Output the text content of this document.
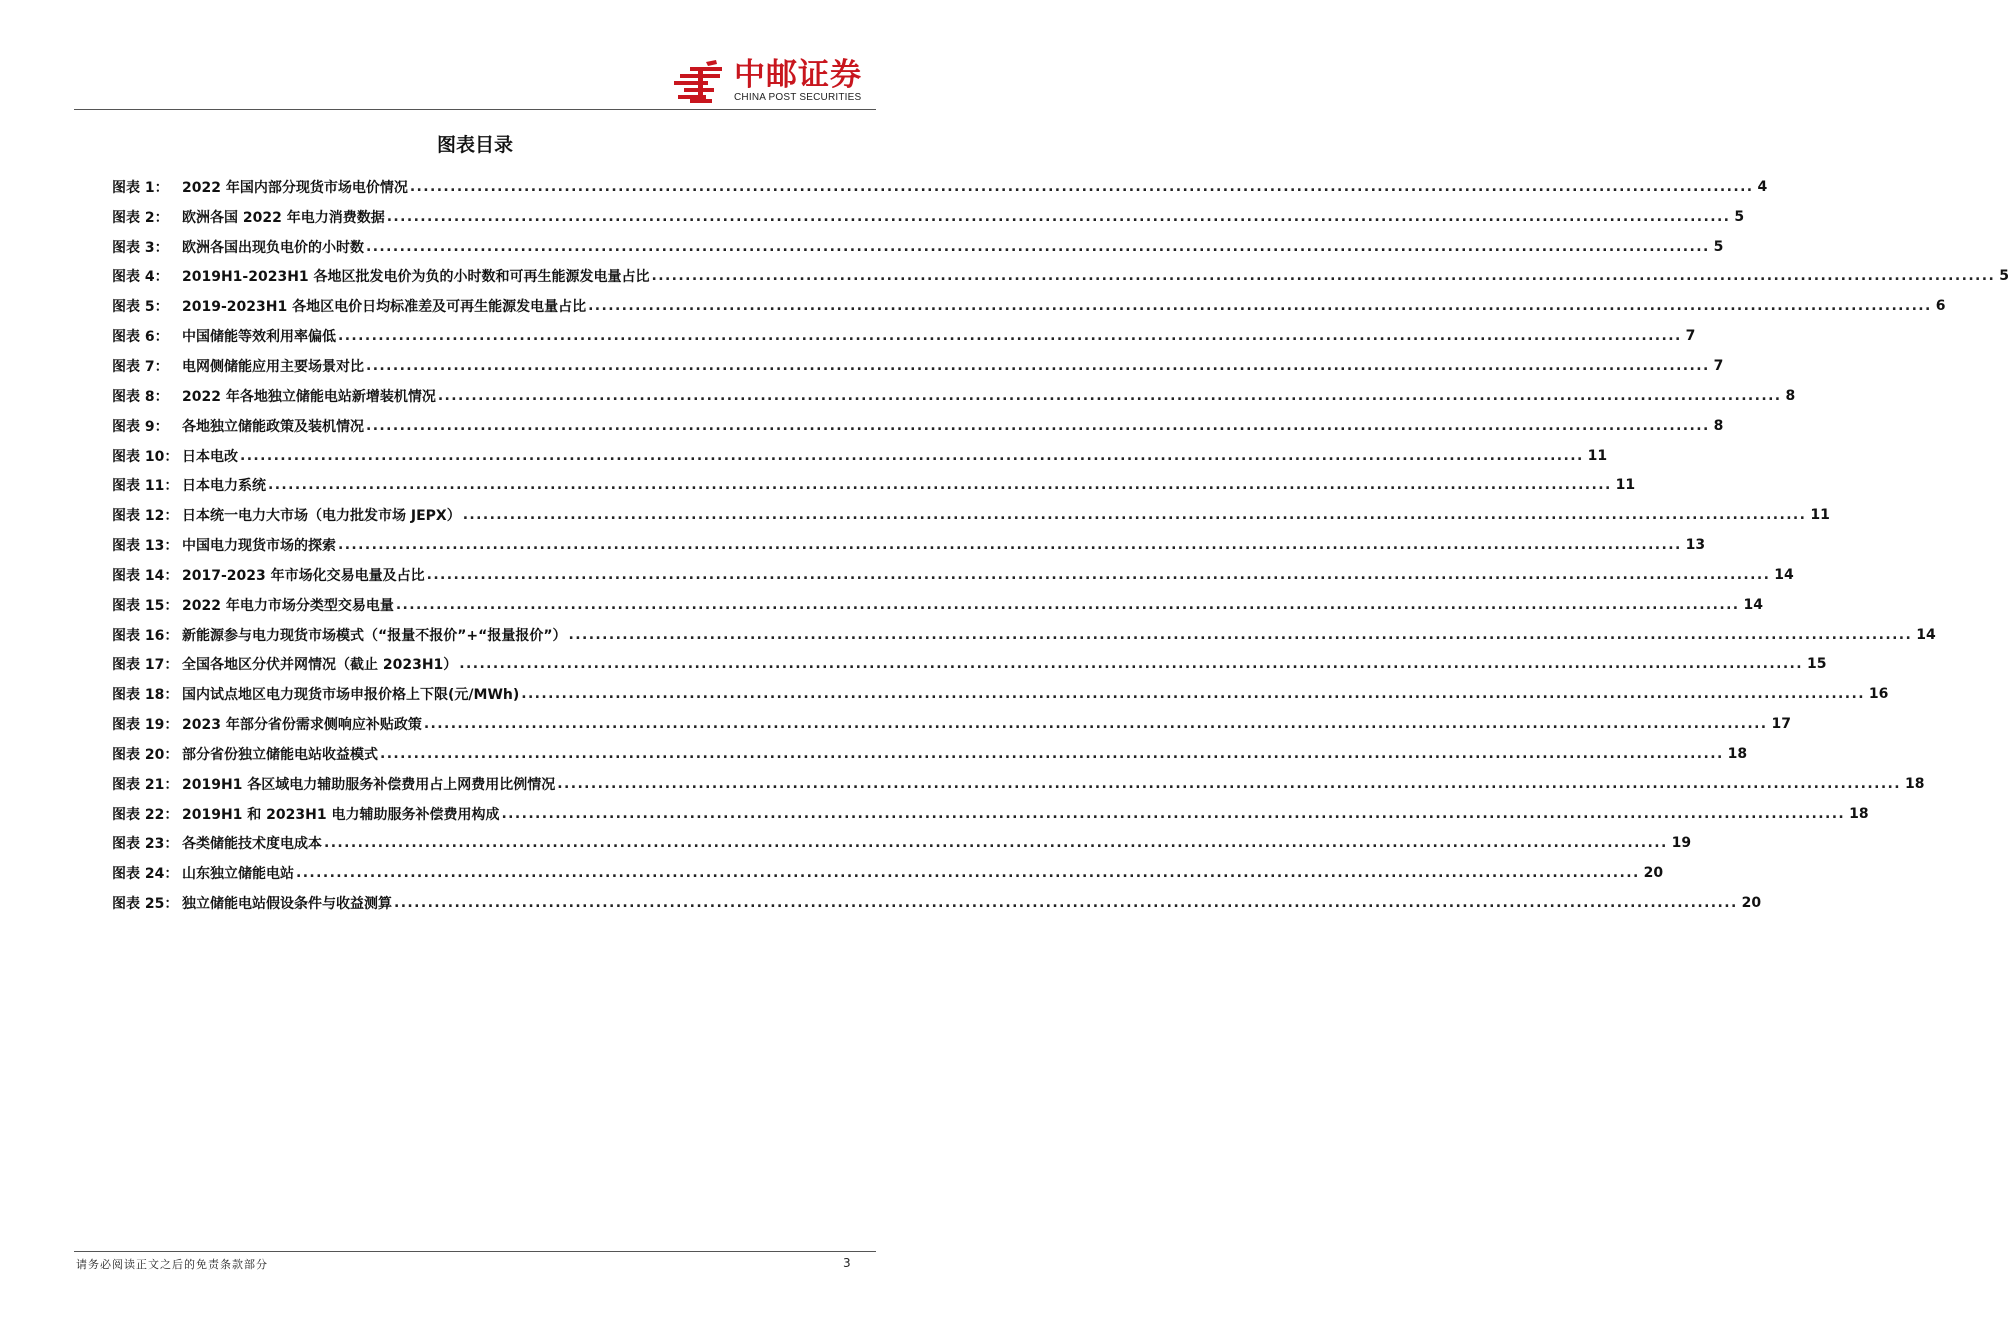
中邮证券
CHINA POST SECURITIES
图表目录
图表 1： 2022 年国内部分现货市场电价情况 ........................................................................................................................................................................................................ 4
图表 2： 欧洲各国 2022 年电力消费数据 ........................................................................................................................................................................................................ 5
图表 3： 欧洲各国出现负电价的小时数 ........................................................................................................................................................................................................ 5
图表 4： 2019H1-2023H1 各地区批发电价为负的小时数和可再生能源发电量占比 ........................................................................................................................................................................................................ 5
图表 5： 2019-2023H1 各地区电价日均标准差及可再生能源发电量占比 ........................................................................................................................................................................................................ 6
图表 6： 中国储能等效利用率偏低 ........................................................................................................................................................................................................ 7
图表 7： 电网侧储能应用主要场景对比 ........................................................................................................................................................................................................ 7
图表 8： 2022 年各地独立储能电站新增装机情况 ........................................................................................................................................................................................................ 8
图表 9： 各地独立储能政策及装机情况 ........................................................................................................................................................................................................ 8
图表 10： 日本电改 ........................................................................................................................................................................................................ 11
图表 11： 日本电力系统 ........................................................................................................................................................................................................ 11
图表 12： 日本统一电力大市场（电力批发市场 JEPX） ........................................................................................................................................................................................................ 11
图表 13： 中国电力现货市场的探索 ........................................................................................................................................................................................................ 13
图表 14： 2017-2023 年市场化交易电量及占比 ........................................................................................................................................................................................................ 14
图表 15： 2022 年电力市场分类型交易电量 ........................................................................................................................................................................................................ 14
图表 16： 新能源参与电力现货市场模式（“报量不报价”+“报量报价”） ........................................................................................................................................................................................................ 14
图表 17： 全国各地区分伏并网情况（截止 2023H1） ........................................................................................................................................................................................................ 15
图表 18： 国内试点地区电力现货市场申报价格上下限(元/MWh) ........................................................................................................................................................................................................ 16
图表 19： 2023 年部分省份需求侧响应补贴政策 ........................................................................................................................................................................................................ 17
图表 20： 部分省份独立储能电站收益模式 ........................................................................................................................................................................................................ 18
图表 21： 2019H1 各区域电力辅助服务补偿费用占上网费用比例情况 ........................................................................................................................................................................................................ 18
图表 22： 2019H1 和 2023H1 电力辅助服务补偿费用构成 ........................................................................................................................................................................................................ 18
图表 23： 各类储能技术度电成本 ........................................................................................................................................................................................................ 19
图表 24： 山东独立储能电站 ........................................................................................................................................................................................................ 20
图表 25： 独立储能电站假设条件与收益测算 ........................................................................................................................................................................................................ 20
请务必阅读正文之后的免责条款部分	3
